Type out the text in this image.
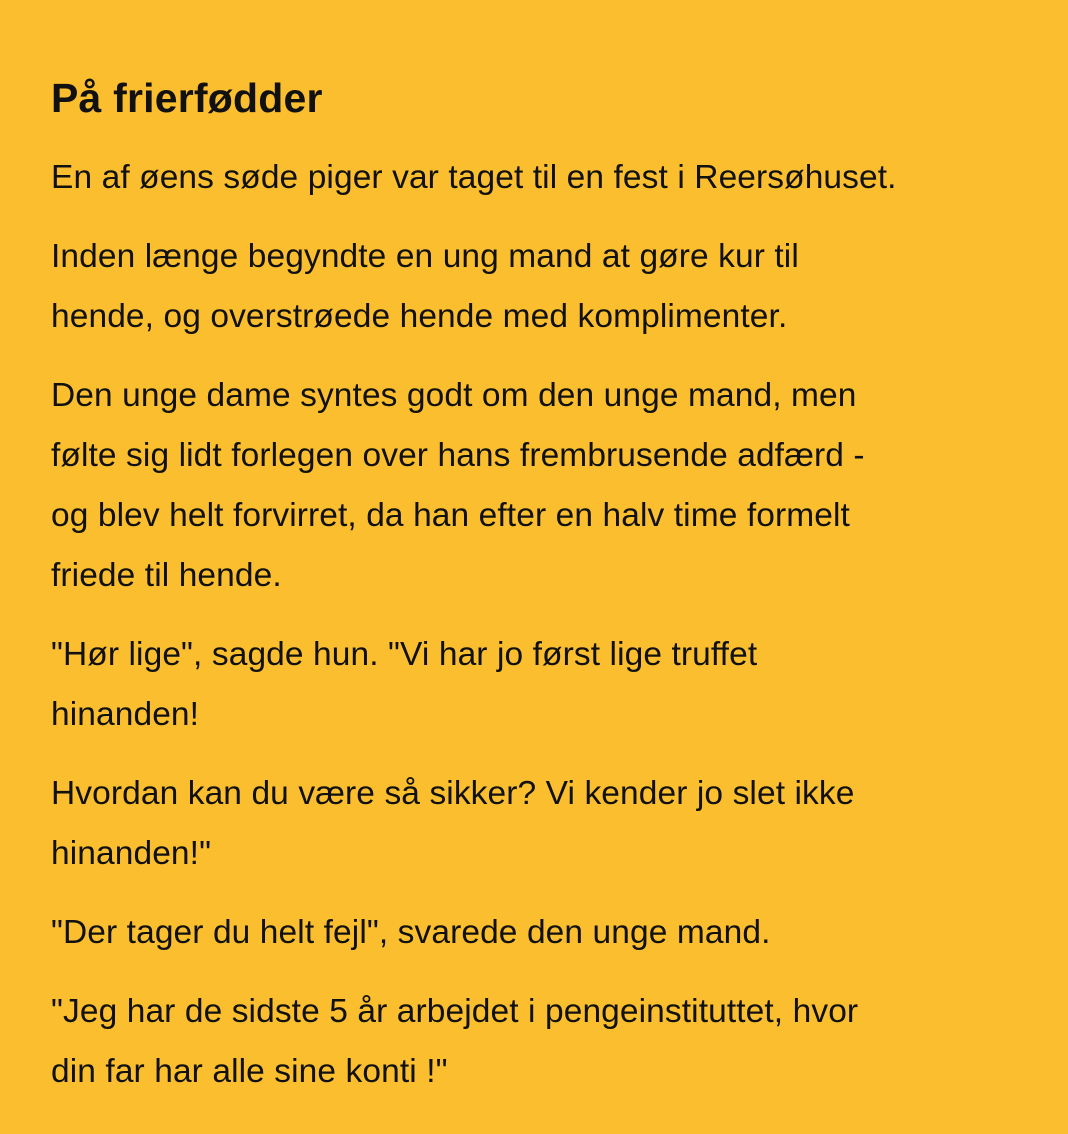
På frierfødder

En af øens søde piger var taget til en fest i Reersøhuset.

Inden længe begyndte en ung mand at gøre kur til
hende, og overstrøede hende med komplimenter.

Den unge dame syntes godt om den unge mand, men
følte sig lidt forlegen over hans frembrusende adfærd -
og blev helt forvirret, da han efter en halv time formelt
friede til hende.

"Hør lige", sagde hun. "Vi har jo først lige truffet
hinanden!

Hvordan kan du være så sikker? Vi kender jo slet ikke
hinanden!"

"Der tager du helt fejl", svarede den unge mand.

"Jeg har de sidste 5 år arbejdet i pengeinstituttet, hvor
din far har alle sine konti !"
